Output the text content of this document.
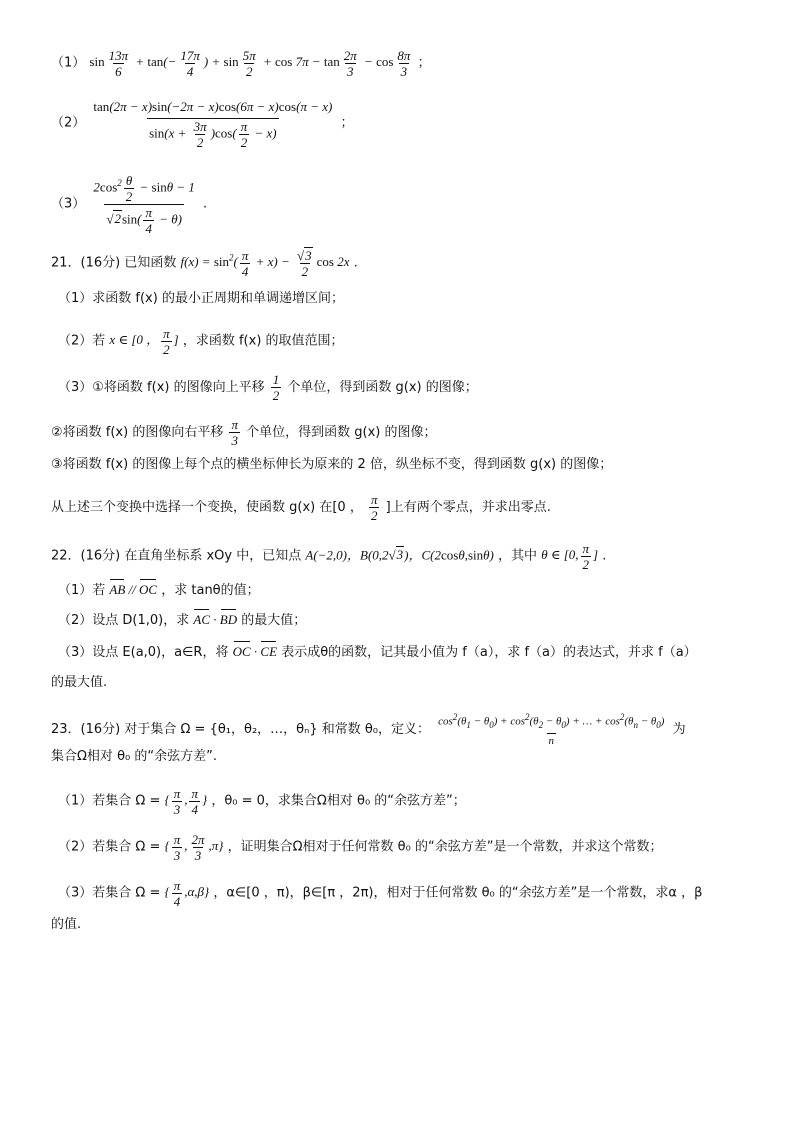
（1） $\sin \frac{13\pi}{6} + \tan(- \frac{17\pi}{4}$ ) + $\sin \frac{5\pi}{2} + \cos 7\pi - \tan \frac{2\pi}{3} - \cos \frac{8\pi}{3}$ ；
$(2) \frac{\tan(2\pi - x)\sin(-2\pi - x)\cos(6\pi - x)\cos(\pi - x)}{\sin(x + \frac{3\pi}{2} )\cos( \frac{\pi}{2} - x)}$ ；
$(3) \frac{2\cos^2 \frac{\theta}{2} - \sin\theta - 1}{√2\sin( \frac{\pi}{4} - \theta)}$ .
21．(16分) 已知函数 $f(x) = \sin^2( \frac{\pi}{4} + x) - \frac{√3}{2}$ cos 2x .
（1）求函数 f(x) 的最小正周期和单调递增区间；
（2）若 x ∈ [0 ， $\frac{\pi}{2}$ ] ，求函数 f(x) 的取值范围；
（3）①将函数 f(x) 的图像向上平移 $\frac{1}{2}$ 个单位，得到函数 g(x) 的图像；
②将函数 f(x) 的图像向右平移 $\frac{\pi}{3}$ 个单位，得到函数 g(x) 的图像；
③将函数 f(x) 的图像上每个点的横坐标伸长为原来的 2 倍，纵坐标不变，得到函数 g(x) 的图像；
从上述三个变换中选择一个变换，使函数 g(x) 在[0 ， $\frac{\pi}{2}$ ]上有两个零点，并求出零点.
22．(16分) 在直角坐标系 xOy 中，已知点 A(−2,0)，B(0,2√3)，C(2cosθ,sinθ) ，其中 θ ∈ [0, $\frac{\pi}{2}$ ] .
（1）若 AB // OC ，求 tanθ的值；
（2）设点 D(1,0)，求 AC · BD 的最大值；
（3）设点 E(a,0)，a∈R，将 OC · CE 表示成θ的函数，记其最小值为 f（a），求 f（a）的表达式，并求 f（a）
的最大值.
23．(16分) 对于集合 Ω = {θ₁，θ₂，…，θₙ} 和常数 θ₀，定义： $\frac{\cos^2(\theta_1 - \theta_0) + \cos^2(\theta_2 - \theta_0) + \dots + \cos^2(\theta_n - \theta_0)}{n}$ 为
集合Ω相对 θ₀ 的“余弦方差”.
（1）若集合 Ω = { $\frac{\pi}{3}$ , $\frac{\pi}{4}$ } ，θ₀ = 0，求集合Ω相对 θ₀ 的“余弦方差”；
（2）若集合 Ω = { $\frac{\pi}{3}$ , $\frac{2\pi}{3} ,\pi$} ，证明集合Ω相对于任何常数 θ₀ 的“余弦方差”是一个常数，并求这个常数；
（3）若集合 Ω = { $\frac{\pi}{4} ,\alpha,\beta$} ，α∈[0 ，π)，β∈[π ，2π)，相对于任何常数 θ₀ 的“余弦方差”是一个常数，求α ，β
的值.
